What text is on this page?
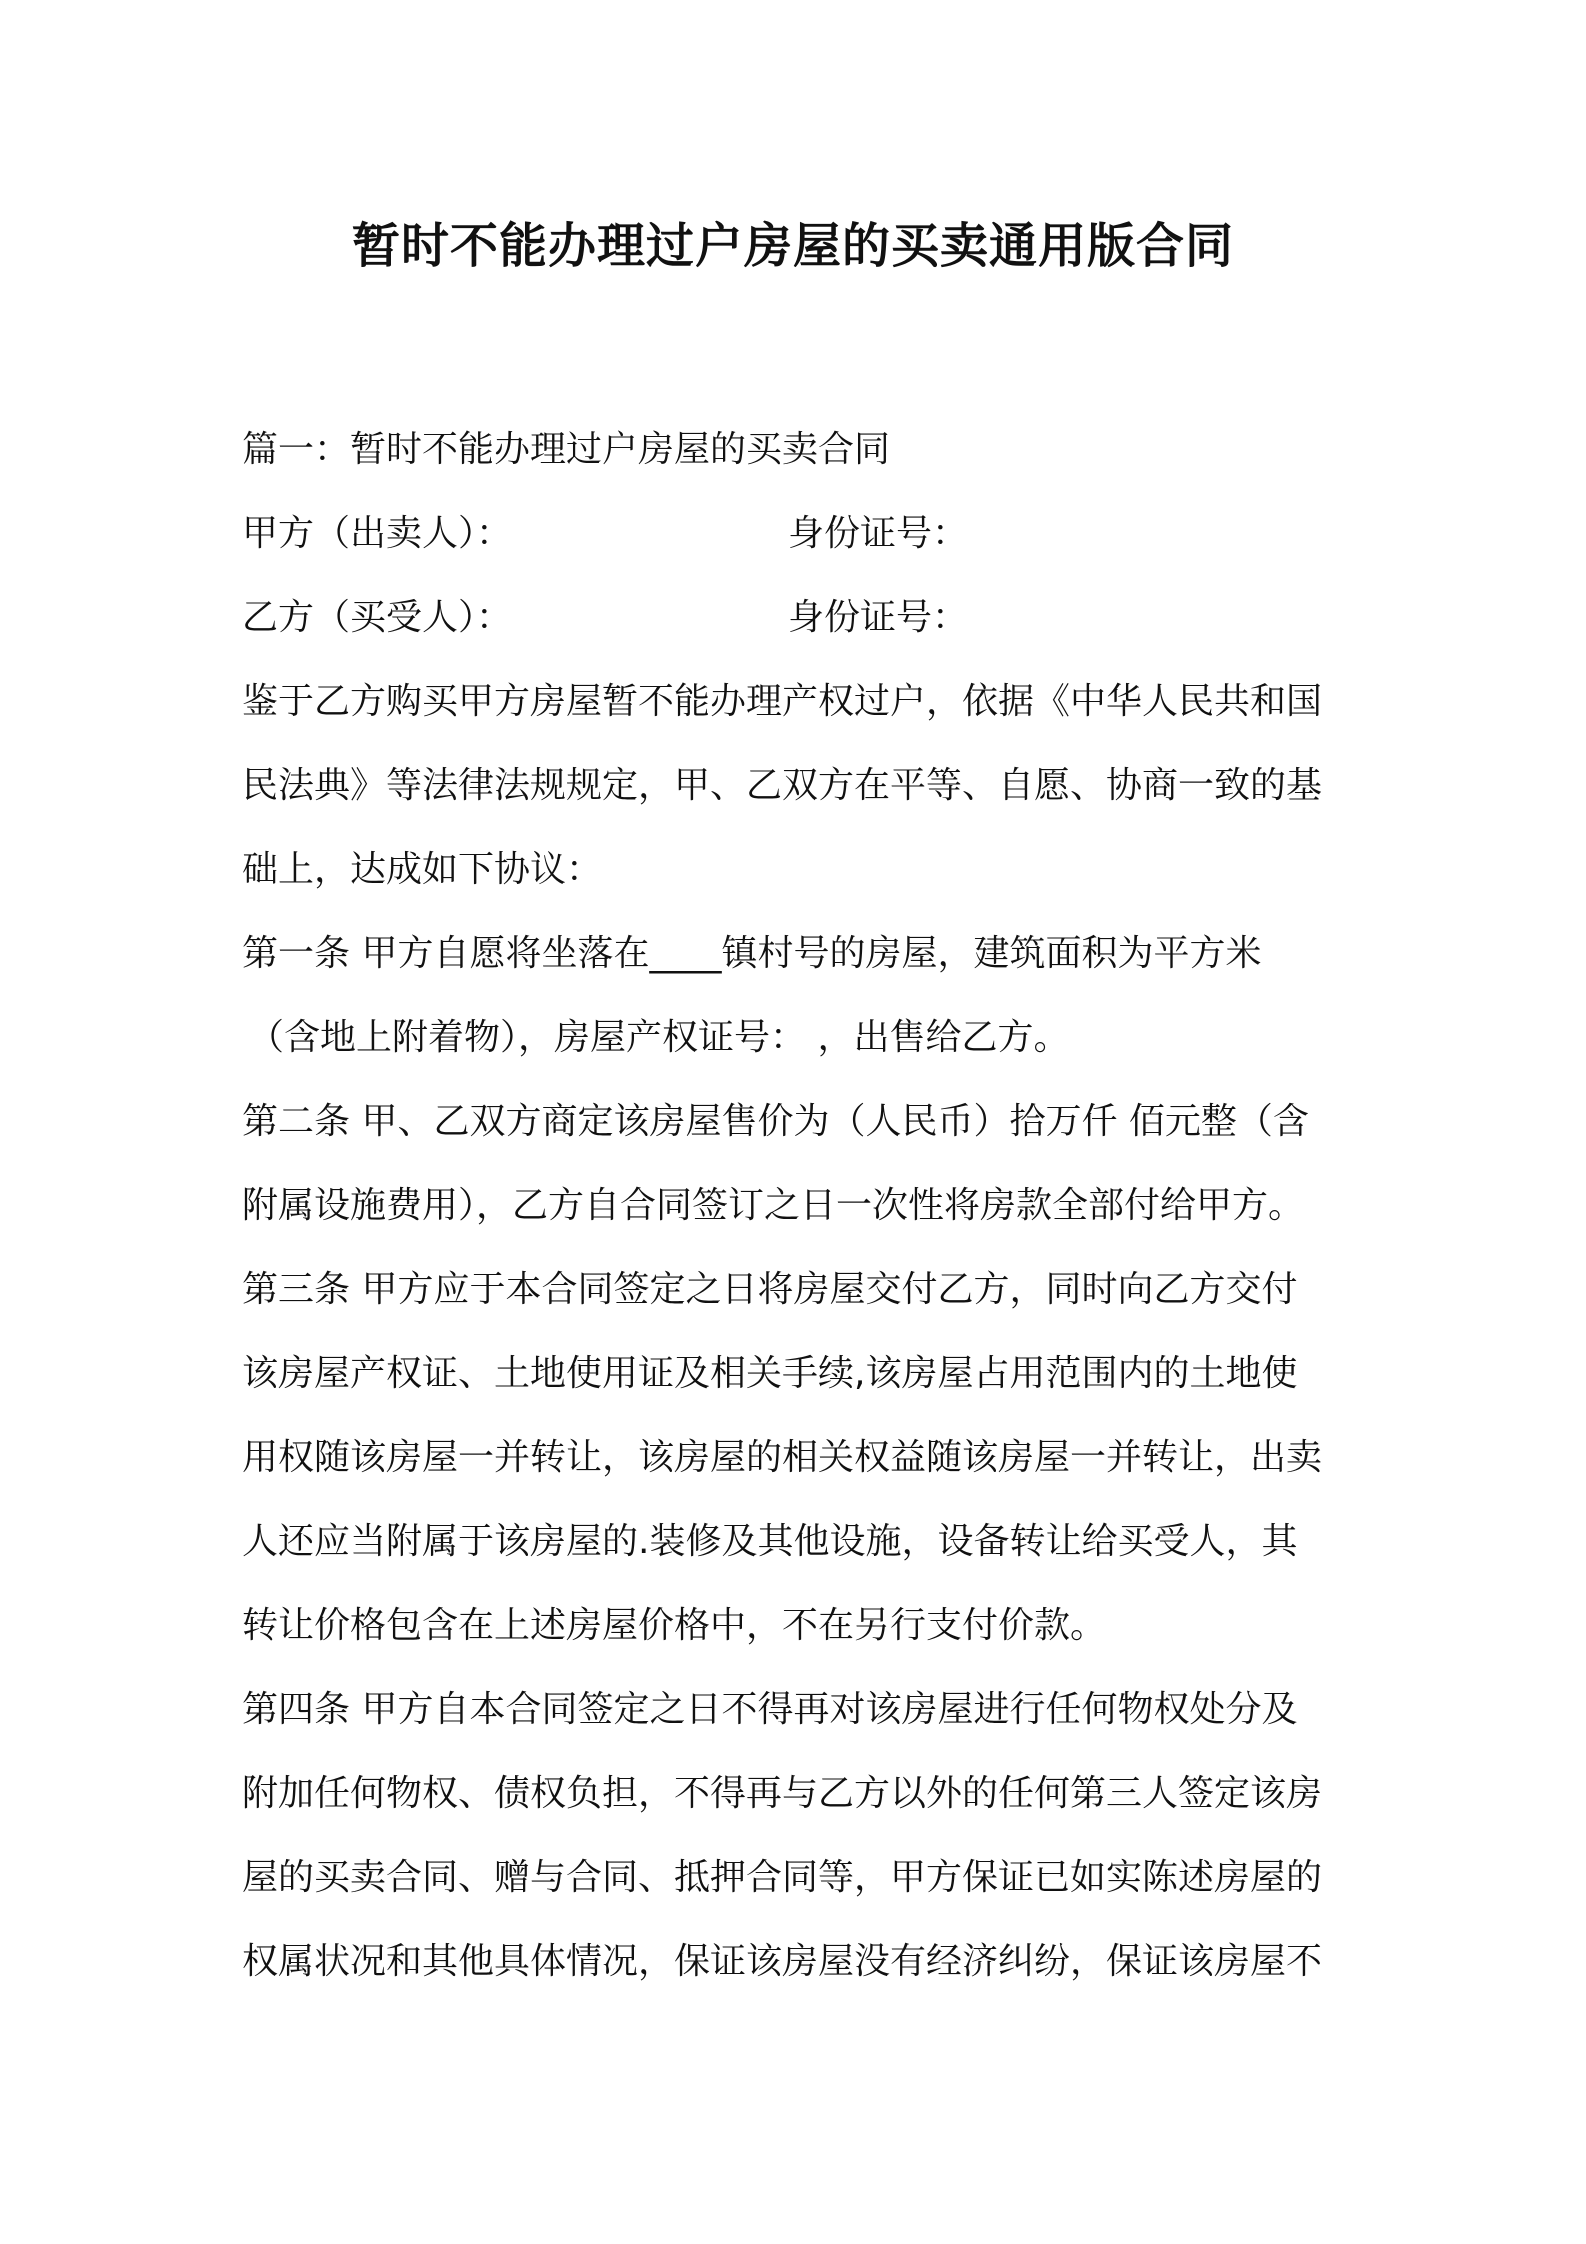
暂时不能办理过户房屋的买卖通用版合同

篇一：暂时不能办理过户房屋的买卖合同

甲方（出卖人）：	身份证号：
乙方（买受人）：	身份证号：

鉴于乙方购买甲方房屋暂不能办理产权过户，依据《中华人民共和国

民法典》等法律法规规定，甲、乙双方在平等、自愿、协商一致的基

础上，达成如下协议：

第一条 甲方自愿将坐落在____镇村号的房屋，建筑面积为平方米

（含地上附着物），房屋产权证号： ，出售给乙方。

第二条 甲、乙双方商定该房屋售价为（人民币）拾万仟 佰元整（含

附属设施费用），乙方自合同签订之日一次性将房款全部付给甲方。

第三条 甲方应于本合同签定之日将房屋交付乙方，同时向乙方交付

该房屋产权证、土地使用证及相关手续,该房屋占用范围内的土地使

用权随该房屋一并转让，该房屋的相关权益随该房屋一并转让，出卖

人还应当附属于该房屋的.装修及其他设施，设备转让给买受人，其

转让价格包含在上述房屋价格中，不在另行支付价款。

第四条 甲方自本合同签定之日不得再对该房屋进行任何物权处分及

附加任何物权、债权负担，不得再与乙方以外的任何第三人签定该房

屋的买卖合同、赠与合同、抵押合同等，甲方保证已如实陈述房屋的

权属状况和其他具体情况，保证该房屋没有经济纠纷，保证该房屋不
